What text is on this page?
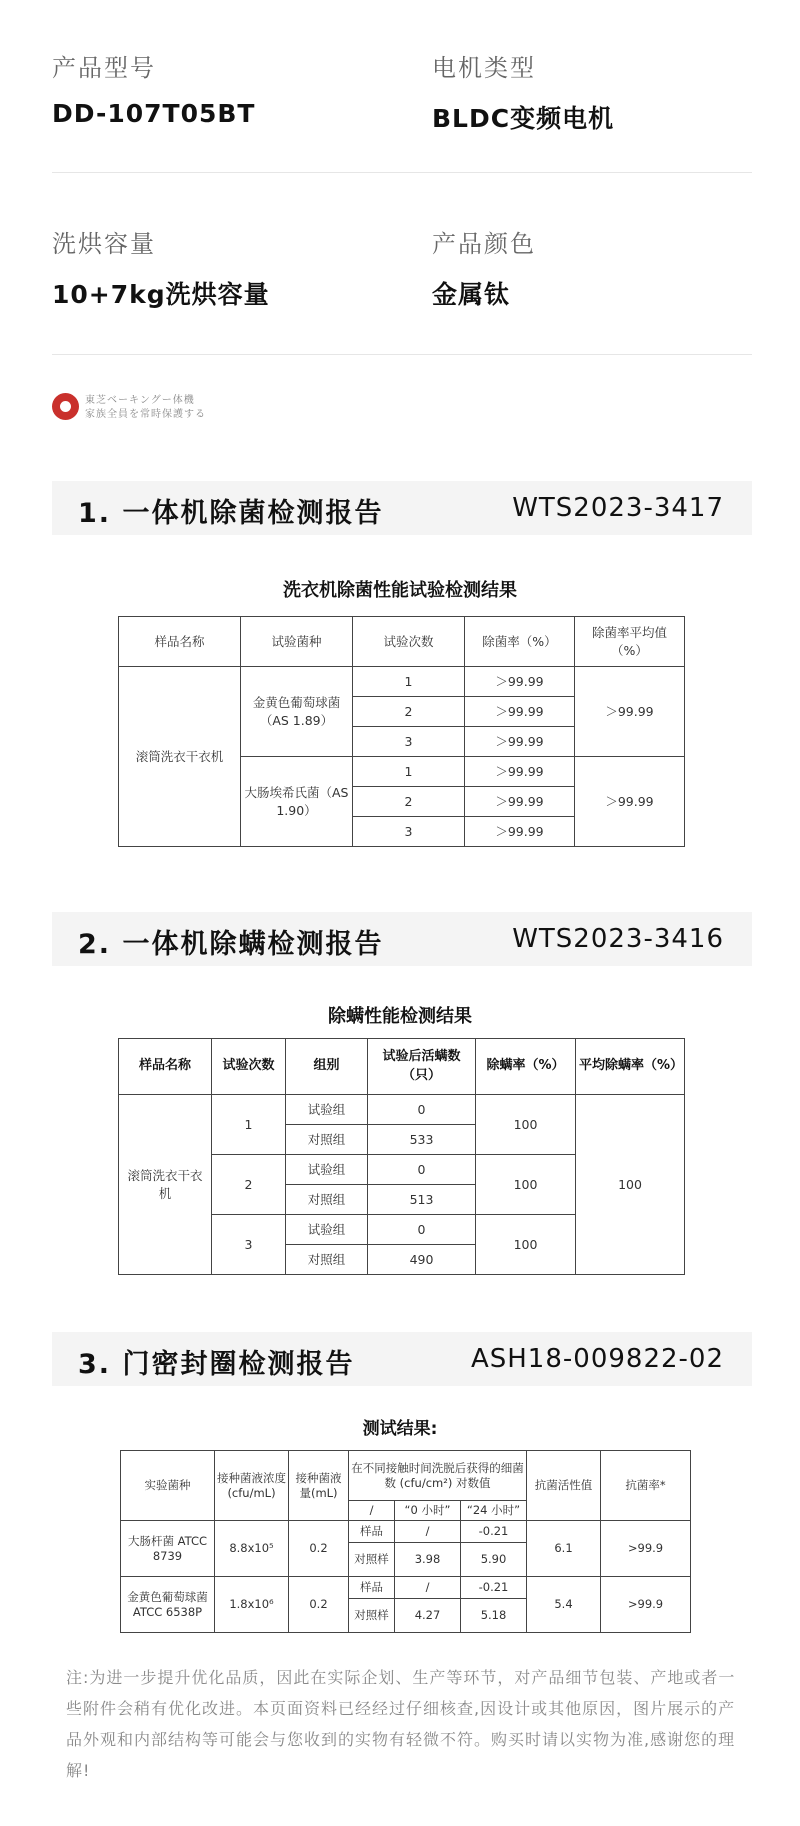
产品型号
DD-107T05BT
电机类型
BLDC变频电机
洗烘容量
10+7kg洗烘容量
产品颜色
金属钛
東芝ベーキングー体機
家族全員を常時保護する
1. 一体机除菌检测报告	WTS2023-3417
洗衣机除菌性能试验检测结果
样品名称	试验菌种	试验次数	除菌率（%）	除菌率平均值（%）
滚筒洗衣干衣机	金黄色葡萄球菌（AS 1.89）	1	＞99.99	＞99.99
		2	＞99.99	
		3	＞99.99	
	大肠埃希氏菌（AS 1.90）	1	＞99.99	＞99.99
		2	＞99.99	
		3	＞99.99	
2. 一体机除螨检测报告	WTS2023-3416
除螨性能检测结果
样品名称	试验次数	组别	试验后活螨数（只）	除螨率（%）	平均除螨率（%）
滚筒洗衣干衣机	1	试验组	0	100	100
		对照组	533		
	2	试验组	0	100	
		对照组	513		
	3	试验组	0	100	
		对照组	490		
3. 门密封圈检测报告	ASH18-009822-02
测试结果:
实验菌种	接种菌液浓度(cfu/mL)	接种菌液量(mL)	在不同接触时间洗脱后获得的细菌数 (cfu/cm²) 对数值			抗菌活性值	抗菌率*
			/	“0 小时”	“24 小时”		
大肠杆菌 ATCC 8739	8.8x10⁵	0.2	样品	/	-0.21	6.1	>99.9
			对照样	3.98	5.90		
金黄色葡萄球菌 ATCC 6538P	1.8x10⁶	0.2	样品	/	-0.21	5.4	>99.9
			对照样	4.27	5.18		
注:为进一步提升优化品质，因此在实际企划、生产等环节，对产品细节包装、产地或者一些附件会稍有优化改进。本页面资料已经经过仔细核查,因设计或其他原因，图片展示的产品外观和内部结构等可能会与您收到的实物有轻微不符。购买时请以实物为准,感谢您的理解!
